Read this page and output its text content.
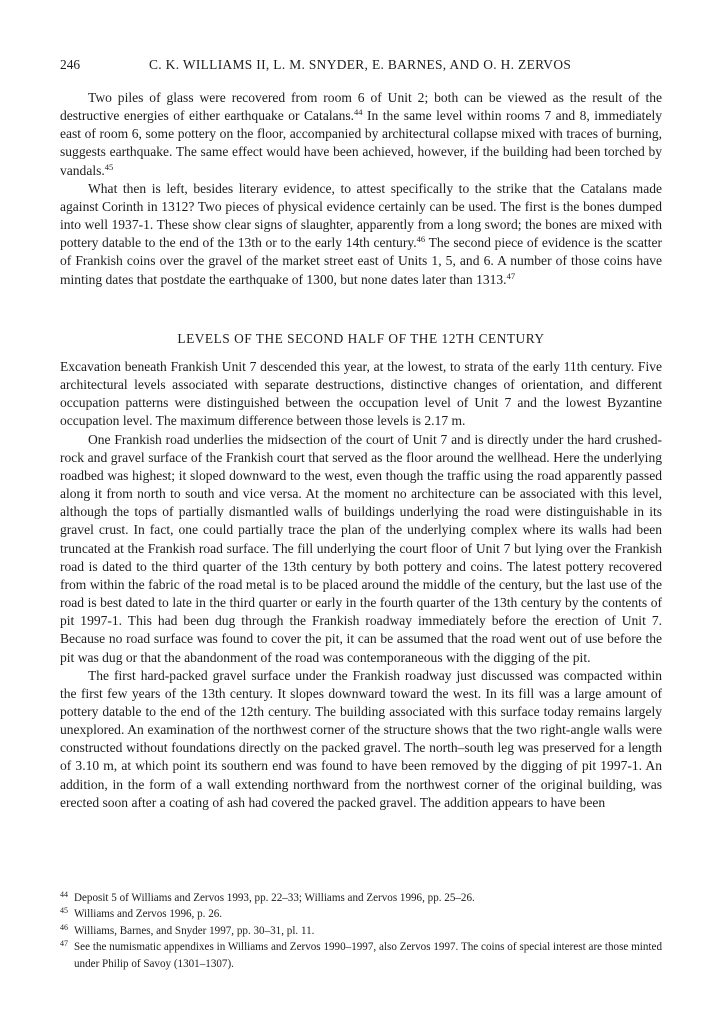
246	C. K. WILLIAMS II, L. M. SNYDER, E. BARNES, AND O. H. ZERVOS

Two piles of glass were recovered from room 6 of Unit 2; both can be viewed as the result of the destructive energies of either earthquake or Catalans.$^{44}$ In the same level within rooms 7 and 8, immediately east of room 6, some pottery on the floor, accompanied by architectural collapse mixed with traces of burning, suggests earthquake. The same effect would have been achieved, however, if the building had been torched by vandals.$^{45}$

What then is left, besides literary evidence, to attest specifically to the strike that the Catalans made against Corinth in 1312? Two pieces of physical evidence certainly can be used. The first is the bones dumped into well 1937-1. These show clear signs of slaughter, apparently from a long sword; the bones are mixed with pottery datable to the end of the 13th or to the early 14th century.$^{46}$ The second piece of evidence is the scatter of Frankish coins over the gravel of the market street east of Units 1, 5, and 6. A number of those coins have minting dates that postdate the earthquake of 1300, but none dates later than 1313.47

LEVELS OF THE SECOND HALF OF THE 12TH CENTURY

Excavation beneath Frankish Unit 7 descended this year, at the lowest, to strata of the early 11th century. Five architectural levels associated with separate destructions, distinctive changes of orientation, and different occupation patterns were distinguished between the occupation level of Unit 7 and the lowest Byzantine occupation level. The maximum difference between those levels is 2.17 m.

One Frankish road underlies the midsection of the court of Unit 7 and is directly under the hard crushed-rock and gravel surface of the Frankish court that served as the floor around the wellhead. Here the underlying roadbed was highest; it sloped downward to the west, even though the traffic using the road apparently passed along it from north to south and vice versa. At the moment no architecture can be associated with this level, although the tops of partially dismantled walls of buildings underlying the road were distinguishable in its gravel crust. In fact, one could partially trace the plan of the underlying complex where its walls had been truncated at the Frankish road surface. The fill underlying the court floor of Unit 7 but lying over the Frankish road is dated to the third quarter of the 13th century by both pottery and coins. The latest pottery recovered from within the fabric of the road metal is to be placed around the middle of the century, but the last use of the road is best dated to late in the third quarter or early in the fourth quarter of the 13th century by the contents of pit 1997-1. This had been dug through the Frankish roadway immediately before the erection of Unit 7. Because no road surface was found to cover the pit, it can be assumed that the road went out of use before the pit was dug or that the abandonment of the road was contemporaneous with the digging of the pit.

The first hard-packed gravel surface under the Frankish roadway just discussed was compacted within the first few years of the 13th century. It slopes downward toward the west. In its fill was a large amount of pottery datable to the end of the 12th century. The building associated with this surface today remains largely unexplored. An examination of the northwest corner of the structure shows that the two right-angle walls were constructed without foundations directly on the packed gravel. The north–south leg was preserved for a length of 3.10 m, at which point its southern end was found to have been removed by the digging of pit 1997-1. An addition, in the form of a wall extending northward from the northwest corner of the original building, was erected soon after a coating of ash had covered the packed gravel. The addition appears to have been

44 Deposit 5 of Williams and Zervos 1993, pp. 22–33; Williams and Zervos 1996, pp. 25–26.

45 Williams and Zervos 1996, p. 26.

46 Williams, Barnes, and Snyder 1997, pp. 30–31, pl. 11.

47 See the numismatic appendixes in Williams and Zervos 1990–1997, also Zervos 1997. The coins of special interest are those minted under Philip of Savoy (1301–1307).
